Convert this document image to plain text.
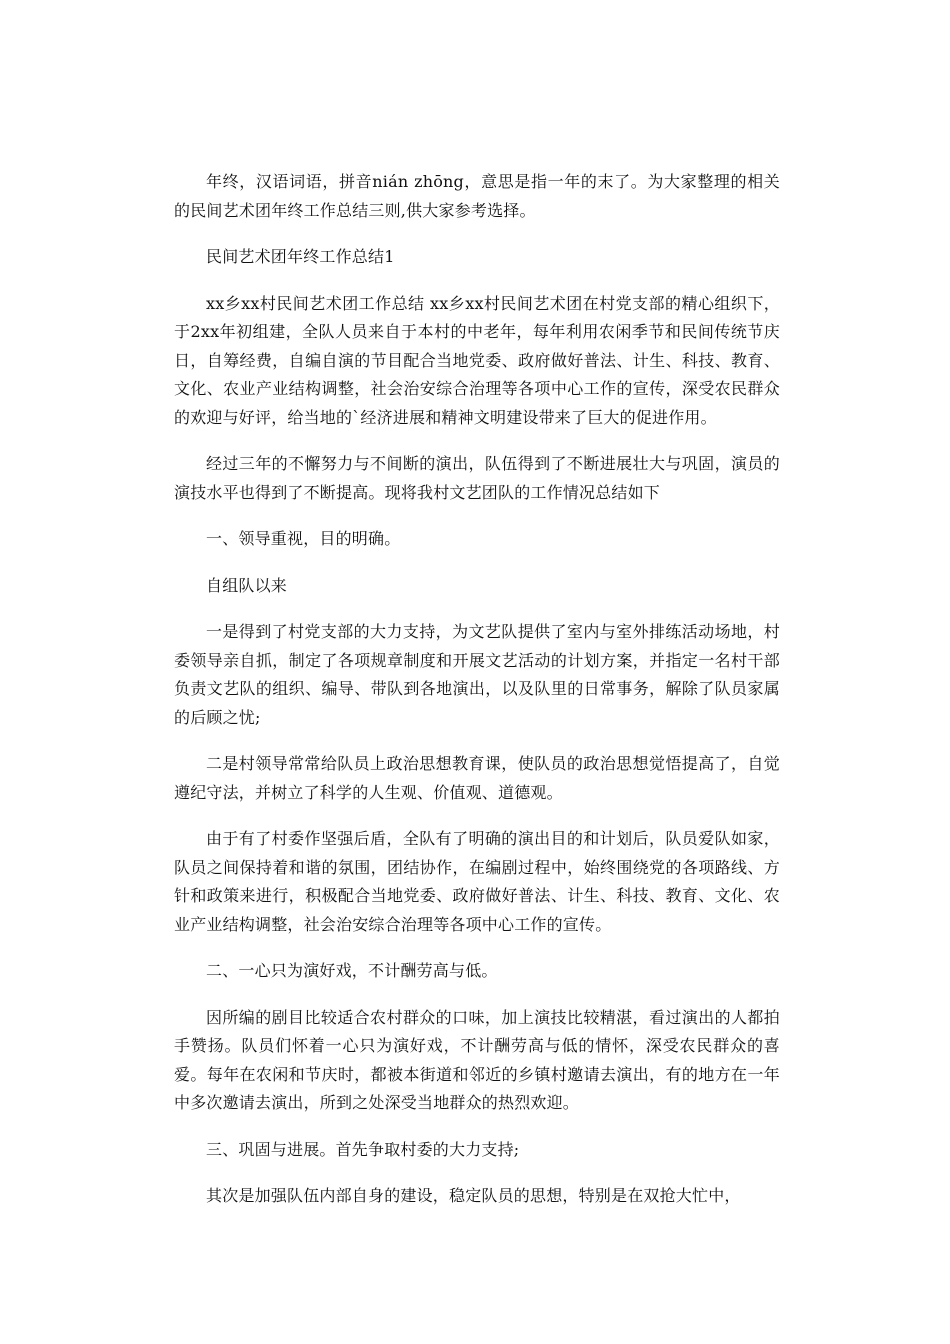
年终，汉语词语，拼音nián zhōng，意思是指一年的末了。为大家整理的相关的民间艺术团年终工作总结三则,供大家参考选择。

民间艺术团年终工作总结1

xx乡xx村民间艺术团工作总结 xx乡xx村民间艺术团在村党支部的精心组织下，于2xx年初组建，全队人员来自于本村的中老年，每年利用农闲季节和民间传统节庆日，自筹经费，自编自演的节目配合当地党委、政府做好普法、计生、科技、教育、文化、农业产业结构调整，社会治安综合治理等各项中心工作的宣传，深受农民群众的欢迎与好评，给当地的`经济进展和精神文明建设带来了巨大的促进作用。

经过三年的不懈努力与不间断的演出，队伍得到了不断进展壮大与巩固，演员的演技水平也得到了不断提高。现将我村文艺团队的工作情况总结如下

一、领导重视，目的明确。

自组队以来

一是得到了村党支部的大力支持，为文艺队提供了室内与室外排练活动场地，村委领导亲自抓，制定了各项规章制度和开展文艺活动的计划方案，并指定一名村干部负责文艺队的组织、编导、带队到各地演出，以及队里的日常事务，解除了队员家属的后顾之忧;

二是村领导常常给队员上政治思想教育课，使队员的政治思想觉悟提高了，自觉遵纪守法，并树立了科学的人生观、价值观、道德观。

由于有了村委作坚强后盾，全队有了明确的演出目的和计划后，队员爱队如家，队员之间保持着和谐的氛围，团结协作，在编剧过程中，始终围绕党的各项路线、方针和政策来进行，积极配合当地党委、政府做好普法、计生、科技、教育、文化、农业产业结构调整，社会治安综合治理等各项中心工作的宣传。

二、一心只为演好戏，不计酬劳高与低。

因所编的剧目比较适合农村群众的口味，加上演技比较精湛，看过演出的人都拍手赞扬。队员们怀着一心只为演好戏，不计酬劳高与低的情怀，深受农民群众的喜爱。每年在农闲和节庆时，都被本街道和邻近的乡镇村邀请去演出，有的地方在一年中多次邀请去演出，所到之处深受当地群众的热烈欢迎。

三、巩固与进展。首先争取村委的大力支持;

其次是加强队伍内部自身的建设，稳定队员的思想，特别是在双抢大忙中，
